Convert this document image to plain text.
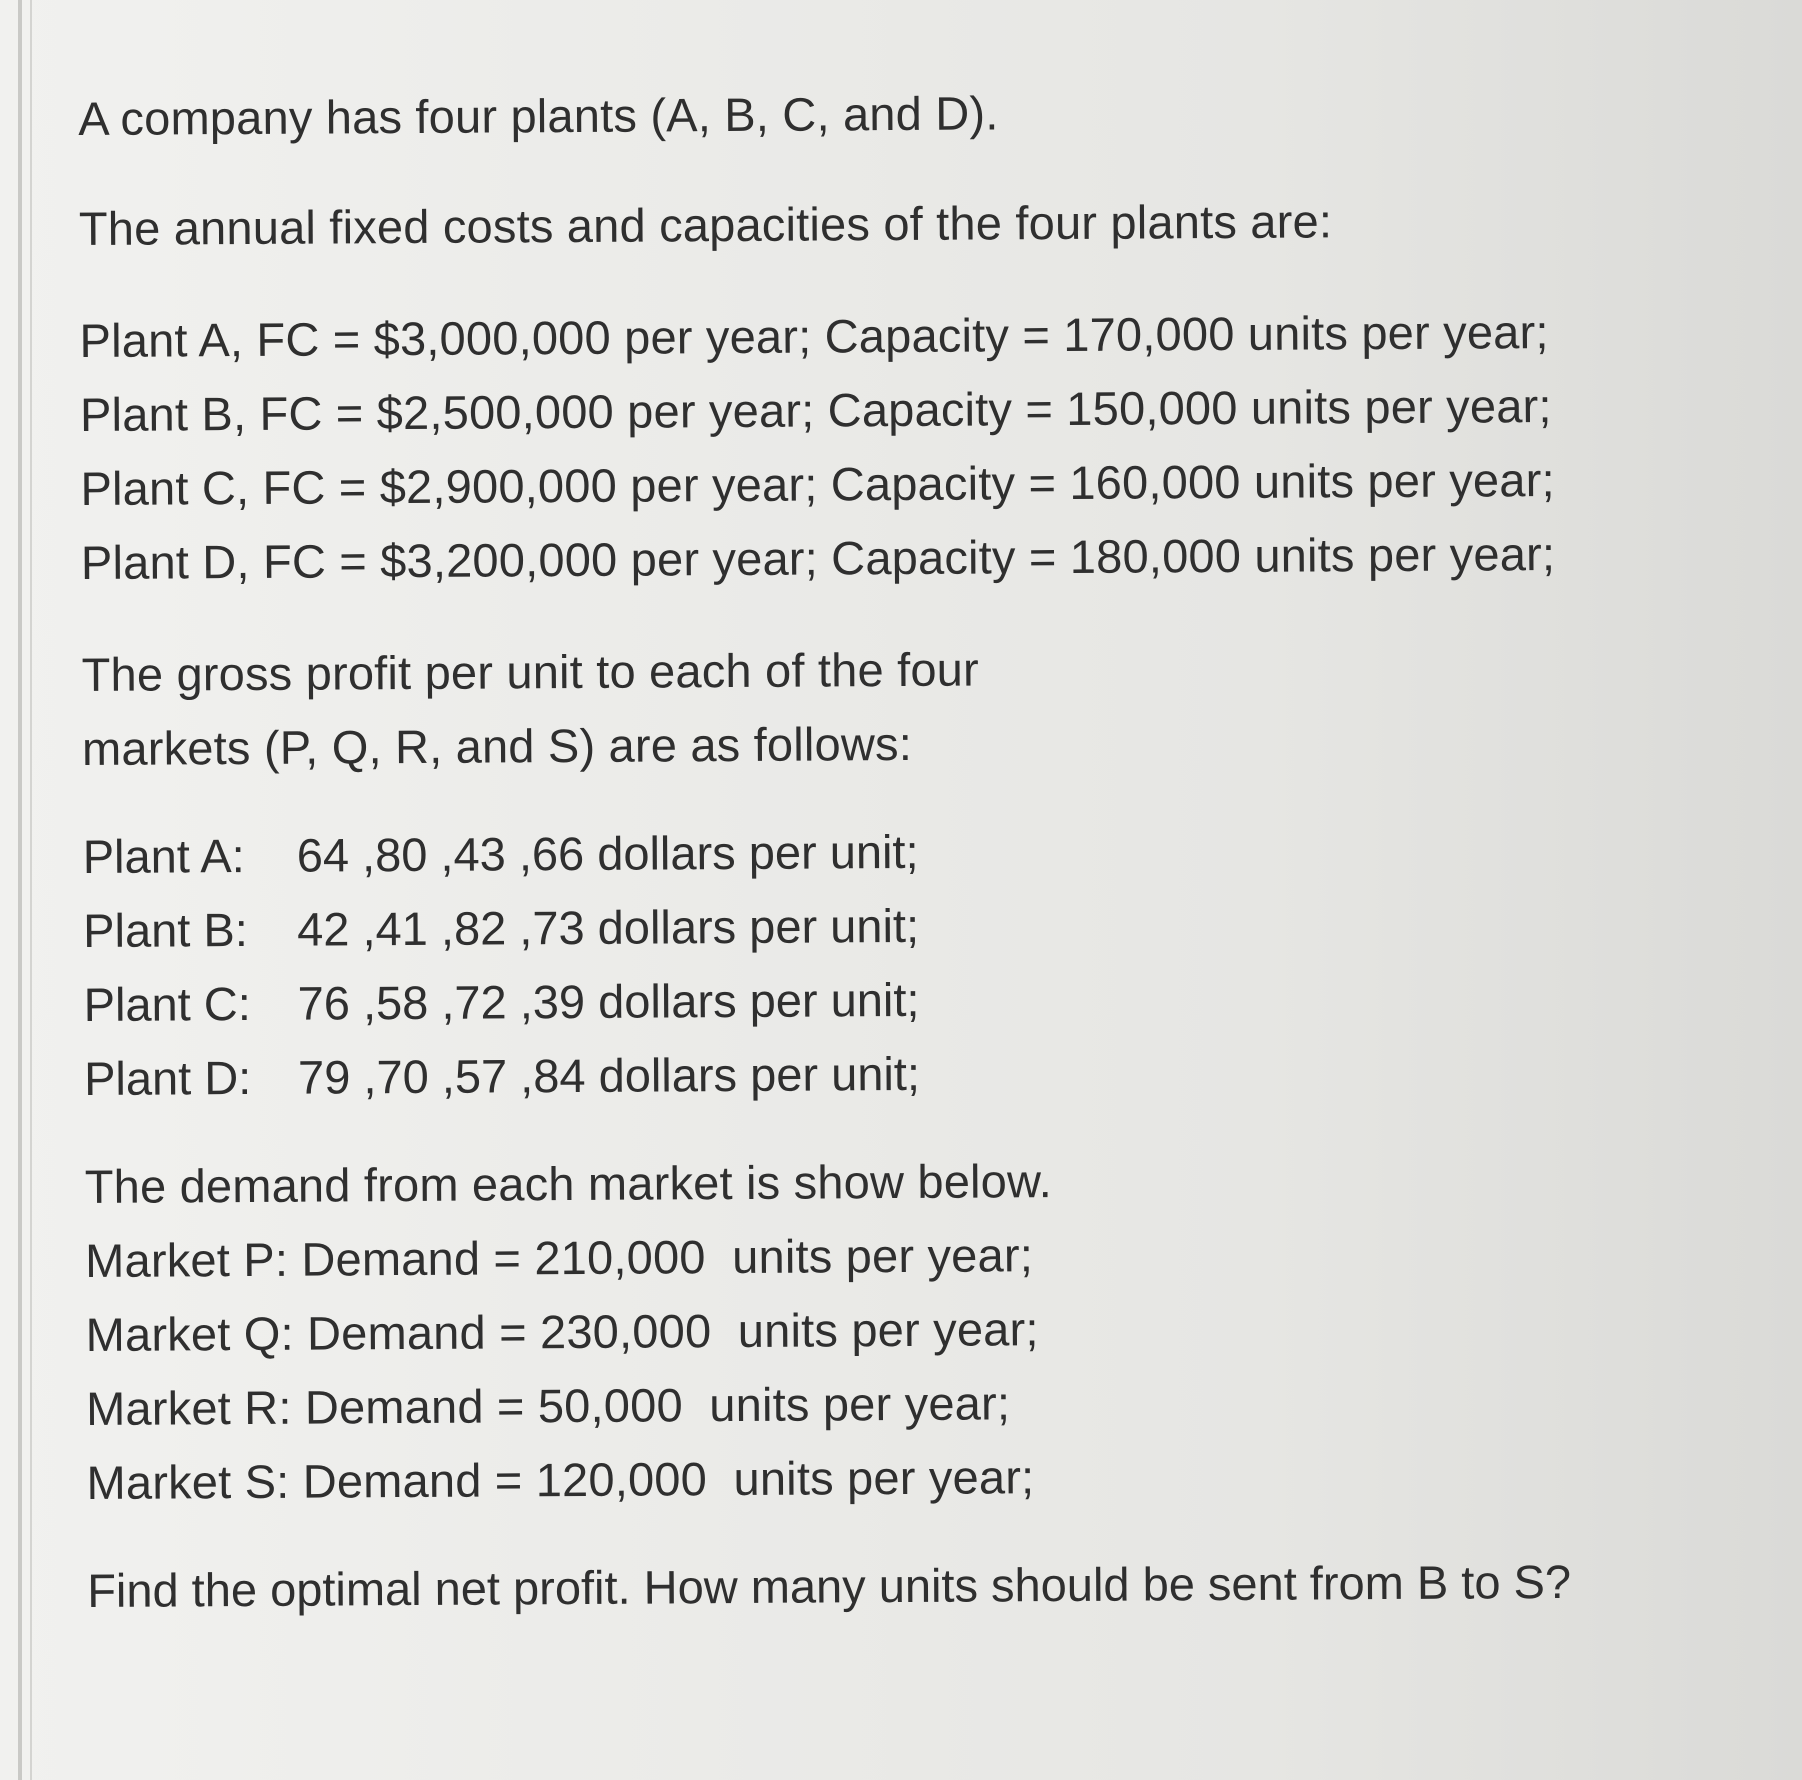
A company has four plants (A, B, C, and D).
The annual fixed costs and capacities of the four plants are:
Plant A, FC = $3,000,000 per year; Capacity = 170,000 units per year;
Plant B, FC = $2,500,000 per year; Capacity = 150,000 units per year;
Plant C, FC = $2,900,000 per year; Capacity = 160,000 units per year;
Plant D, FC = $3,200,000 per year; Capacity = 180,000 units per year;
The gross profit per unit to each of the four
markets (P, Q, R, and S) are as follows:
Plant A:	64 ,80 ,43 ,66 dollars per unit;
Plant B:	42 ,41 ,82 ,73 dollars per unit;
Plant C: 76 ,58 ,72 ,39 dollars per unit;
Plant D: 79 ,70 ,57 ,84 dollars per unit;
The demand from each market is show below.
Market P: Demand = 210,000  units per year;
Market Q: Demand = 230,000  units per year;
Market R: Demand = 50,000  units per year;
Market S: Demand = 120,000  units per year;
Find the optimal net profit. How many units should be sent from B to S?
